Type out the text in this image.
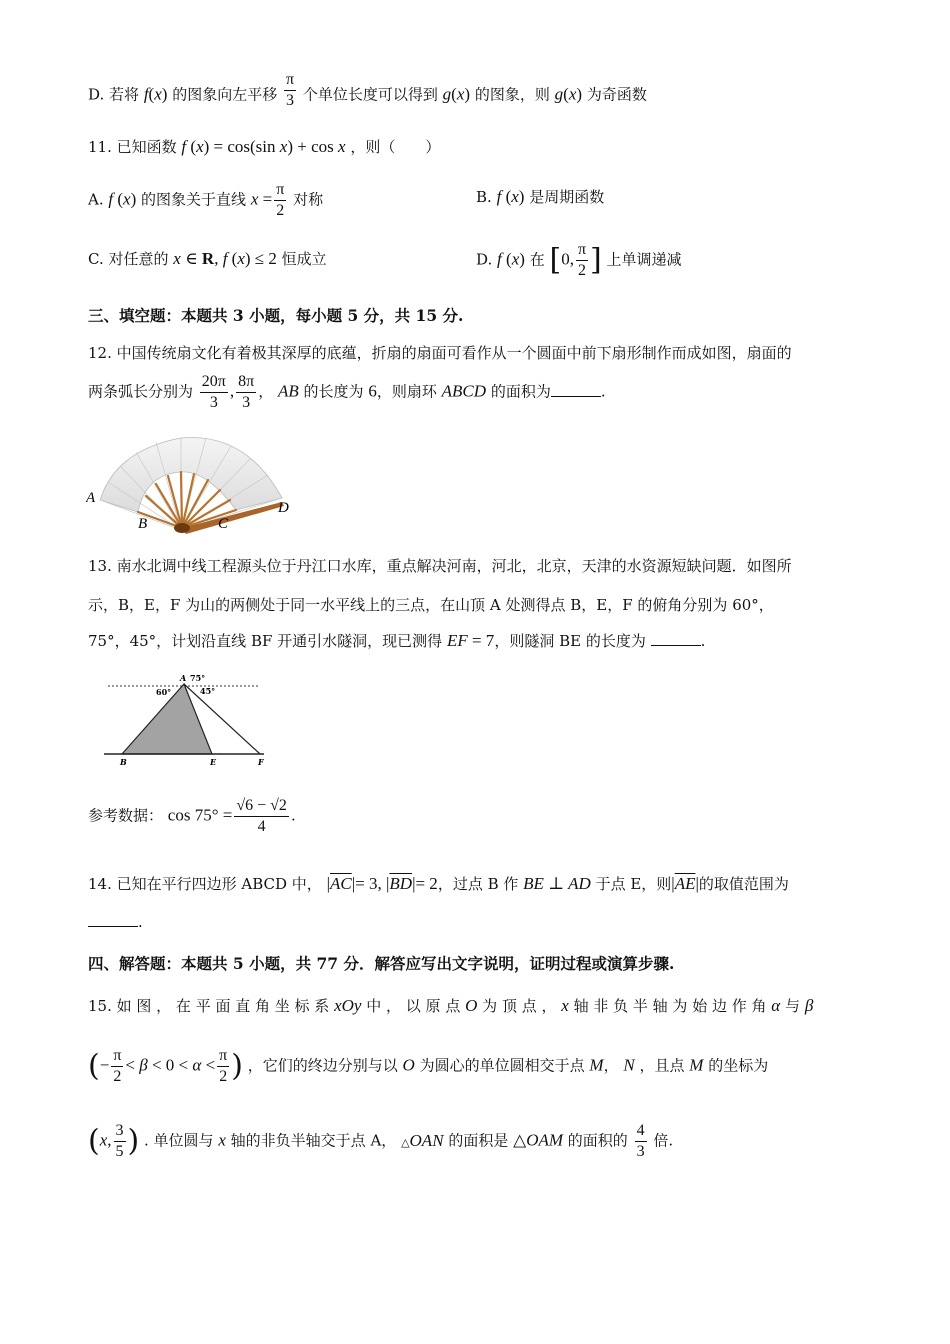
D. 若将 f(x) 的图象向左平移 $\frac{\pi}{3}$ 个单位长度可以得到 g(x) 的图象，则 g(x) 为奇函数
11. 已知函数 f (x) = cos(sin x) + cos x ，则（　　）
A. f (x) 的图象关于直线 $x = \frac{\pi}{2}$ 对称	B. f (x) 是周期函数
C. 对任意的 x ∈ R, f (x) ≤ 2 恒成立	D. f (x) 在 [0, $\frac{\pi}{2}$ ] 上单调递减
三、填空题：本题共 3 小题，每小题 5 分，共 15 分.
12. 中国传统扇文化有着极其深厚的底蕴，折扇的扇面可看作从一个圆面中前下扇形制作而成如图，扇面的
两条弧长分别为 $\frac{20\pi}{3}$ , $\frac{8\pi}{3}$ ， AB 的长度为 6，则扇环 ABCD 的面积为	.
A
B	C
D
13. 南水北调中线工程源头位于丹江口水库，重点解决河南，河北，北京，天津的水资源短缺问题．如图所
示，B，E，F 为山的两侧处于同一水平线上的三点，在山顶 A 处测得点 B，E，F 的俯角分别为 60°，
75°，45°，计划沿直线 BF 开通引水隧洞，现已测得 EF = 7，则隧洞 BE 的长度为	.
A 75°
60°	45°
B	E	F
参考数据： $\cos 75^\circ = \frac{√6 - √2}{4}$ .
14. 已知在平行四边形 ABCD 中， $|\overline{AC}|= 3$, $|\overline{BD}|= 2$，过点 B 作 BE ⊥ AD 于点 E，则$|\overline{AE}|$的取值范围为
.
四、解答题：本题共 5 小题，共 77 分．解答应写出文字说明，证明过程或演算步骤.
15. 如 图 ， 在 平 面 直 角 坐 标 系 xOy 中 ， 以 原 点 O 为 顶 点 ， x 轴 非 负 半 轴 为 始 边 作 角 α 与 β
(− $\frac{\pi}{2} < \beta < 0 < \alpha < \frac{\pi}{2}$ ) ，它们的终边分别与以 O 为圆心的单位圆相交于点 M， N ，且点 M 的坐标为
(x, $\frac{3}{5}$ ) . 单位圆与 x 轴的非负半轴交于点 A， △OAN 的面积是 △OAM 的面积的 $\frac{4}{3}$ 倍.
